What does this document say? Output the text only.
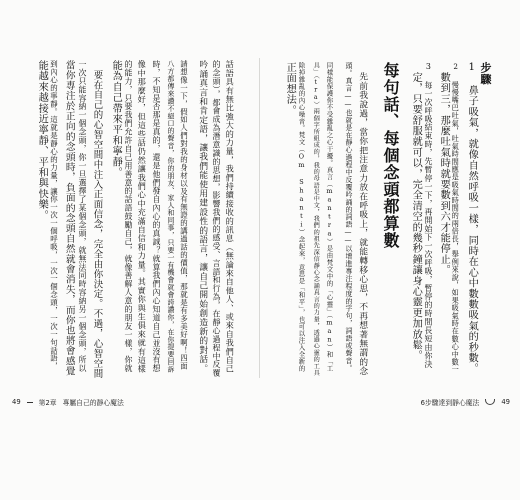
話語具有無比強大的力量，我們持續接收的訊息（無論來自他人、或來自我們自己
的念頭），都會成為潛意識的思想，影響我們的感受、言語和行為，在靜心過程中反覆
吟誦真言和肯定語，讓我們能使用建設性的語言，讓自己開始創造新的對話。
請想像一下，假如人們對我的身材以及有無證的講過話的價值，那就是有多美好啊！四面
八方都傳來讚不絕口的聲音，你的朋友、家人和同事，只要一有機會就會誇讚你，在你提要回訴
時，不知是否那是真的，還是他們發自內心的真誠？就算我們內心知道自己並沒有想
像中那麼好，但這些話仍然讓我們心中充滿自信和力量。其實你與生俱來就有這樣
的能力，只要我們允許自己用善意的話語鼓勵自己，就像善解人意的朋友一樣，你就
能為自己帶來平和寧靜。
要在自己的心智空間中注入正面信念，完全由你決定。不過，心智空間
一次只能容納一個念頭，你一旦選擇了某個念頭，就無法同時容納另一個念頭，所以
當你專注於正向的念頭時，負面的念頭自然就會消失，而你也將會感覺
到內心的寧靜。這就是靜心的力量，讓你一次一個呼吸，一次一個念頭，一次一句話語，
能越來越接近寧靜、平和與快樂。
49	第2章 專屬自己的靜心魔法
步驟
1 鼻子吸氣，就像自然呼吸一樣，同時在心中數數吸氣的秒數。
2 慢慢嘴巴吐氣，吐氣時間應是吸氣時間的兩倍長，舉例來說，如果吸氣時在數心中數一
數到三，那麼吐氣時就要數到六才能停止。
3 每一次呼吸結束時，先暫停一下，再開始下一次呼吸，暫停的時間長短由你決
定，只要舒服就可以，完全清空的幾秒鐘讓身心靈更加放鬆。
每句話、每個念頭都算數
先前我說過，當你把注意力放在呼吸上，就能轉移心思，不再想著無謂的念
頭。真言——也就是在靜心過程中反覆吟誦的詞語——以增進專注程度的字句，詞語或聲音。
同樣能保護你不受雜亂之心干擾。真言（mantra）是由梵文中的「心靈」（man）和「工
具」（tra）兩個字所組成的，我的母語是中文，我們的祖先深信靜心念誦真言的力量，透過心靈的工具
除掉雜亂的內心噪音。梵文（Om Shanti）念起來，意思是「和平」，也可以注入全新的
正面想法。
6步驟達到靜心魔法	49
